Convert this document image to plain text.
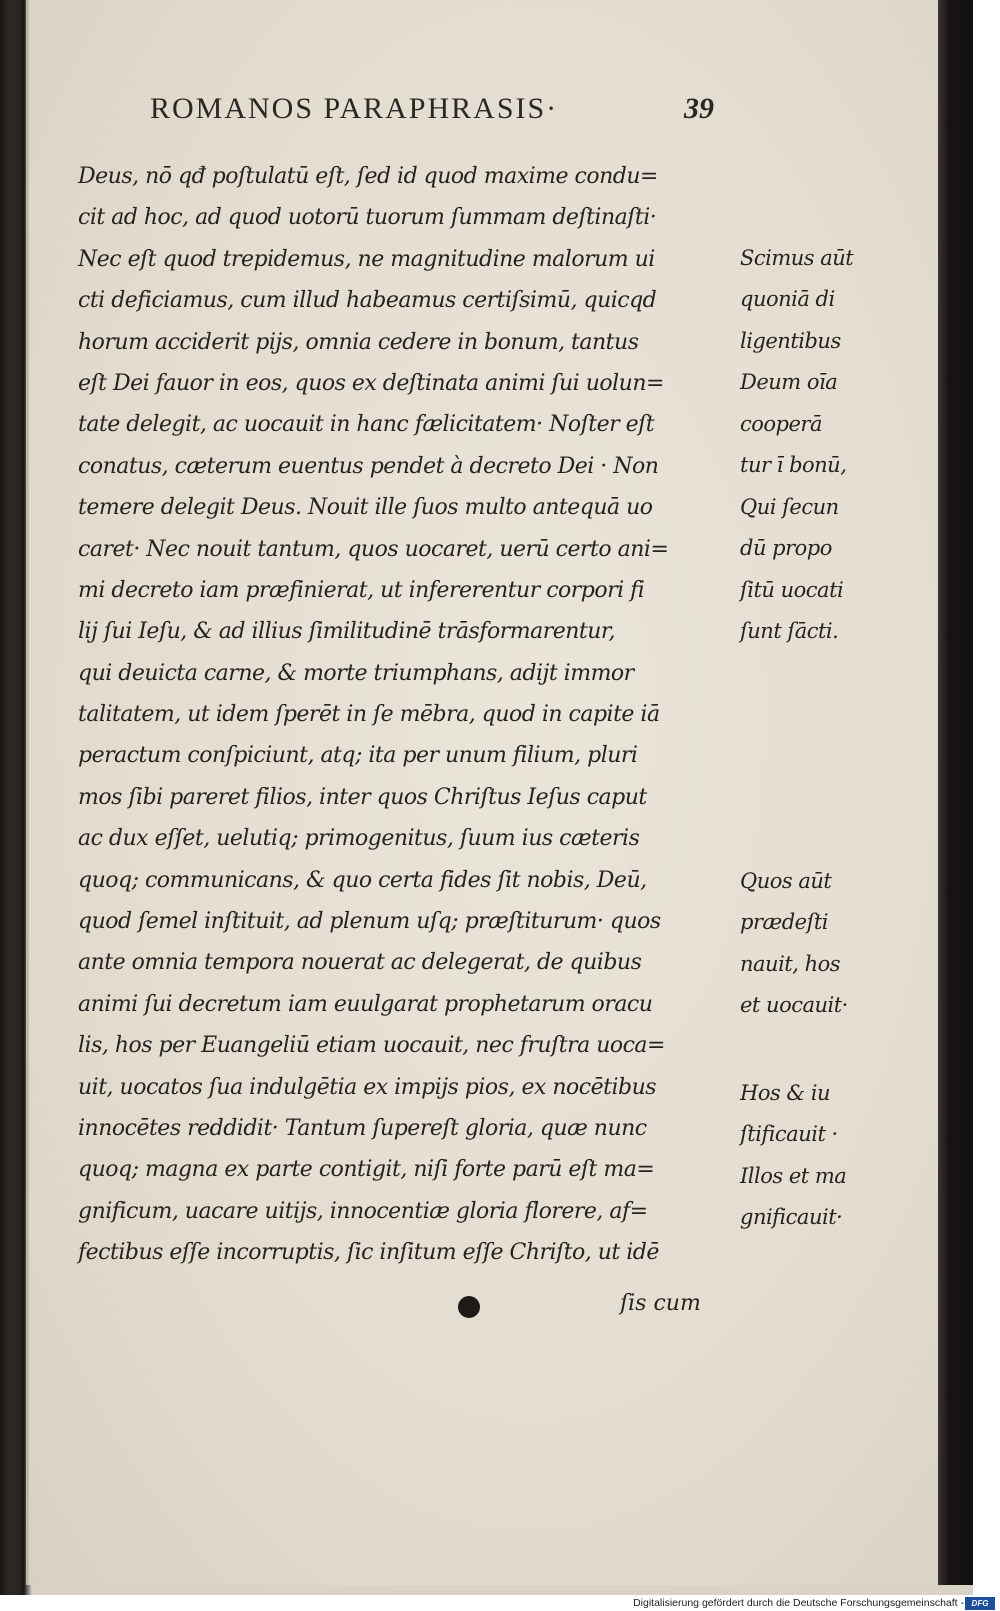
ROMANOS PARAPHRASIS·	39
Deus, nō qđ poſtulatū eſt, ſed id quod maxime condu=
cit ad hoc, ad quod uotorū tuorum ſummam deſtinaſti·
Nec eſt quod trepidemus, ne magnitudine malorum ui
cti deficiamus, cum illud habeamus certiſsimū, quicqd
horum acciderit pijs, omnia cedere in bonum, tantus
eſt Dei fauor in eos, quos ex deſtinata animi ſui uolun=
tate delegit, ac uocauit in hanc fælicitatem· Noſter eſt
conatus, cæterum euentus pendet à decreto Dei · Non
temere delegit Deus. Nouit ille ſuos multo antequā uo
caret· Nec nouit tantum, quos uocaret, uerū certo ani=
mi decreto iam præfinierat, ut infererentur corpori fi
lij ſui Ieſu, & ad illius ſimilitudinē trāsformarentur,
qui deuicta carne, & morte triumphans, adijt immor
talitatem, ut idem ſperēt in ſe mēbra, quod in capite iā
peractum conſpiciunt, atq; ita per unum filium, pluri
mos ſibi pareret filios, inter quos Chriſtus Ieſus caput
ac dux eſſet, uelutiq; primogenitus, ſuum ius cæteris
quoq; communicans, & quo certa fides ſit nobis, Deū,
quod ſemel inſtituit, ad plenum uſq; præſtiturum· quos
ante omnia tempora nouerat ac delegerat, de quibus
animi ſui decretum iam euulgarat prophetarum oracu
lis, hos per Euangeliū etiam uocauit, nec fruſtra uoca=
uit, uocatos ſua indulgētia ex impijs pios, ex nocētibus
innocētes reddidit· Tantum ſupereſt gloria, quæ nunc
quoq; magna ex parte contigit, niſi forte parū eſt ma=
gnificum, uacare uitijs, innocentiæ gloria florere, af=
fectibus eſſe incorruptis, ſic inſitum eſſe Chriſto, ut idē
ſis cum
Scimus aūt
quoniā di
ligentibus
Deum oīa
cooperā
tur ī bonū,
Qui ſecun
dū propo
ſitū uocati
ſunt ſācti.
Quos aūt
prædeſti
nauit, hos
et uocauit·
Hos & iu
ſtificauit ·
Illos et ma
gnificauit·
Digitalisierung gefördert durch die Deutsche Forschungsgemeinschaft - DFG
